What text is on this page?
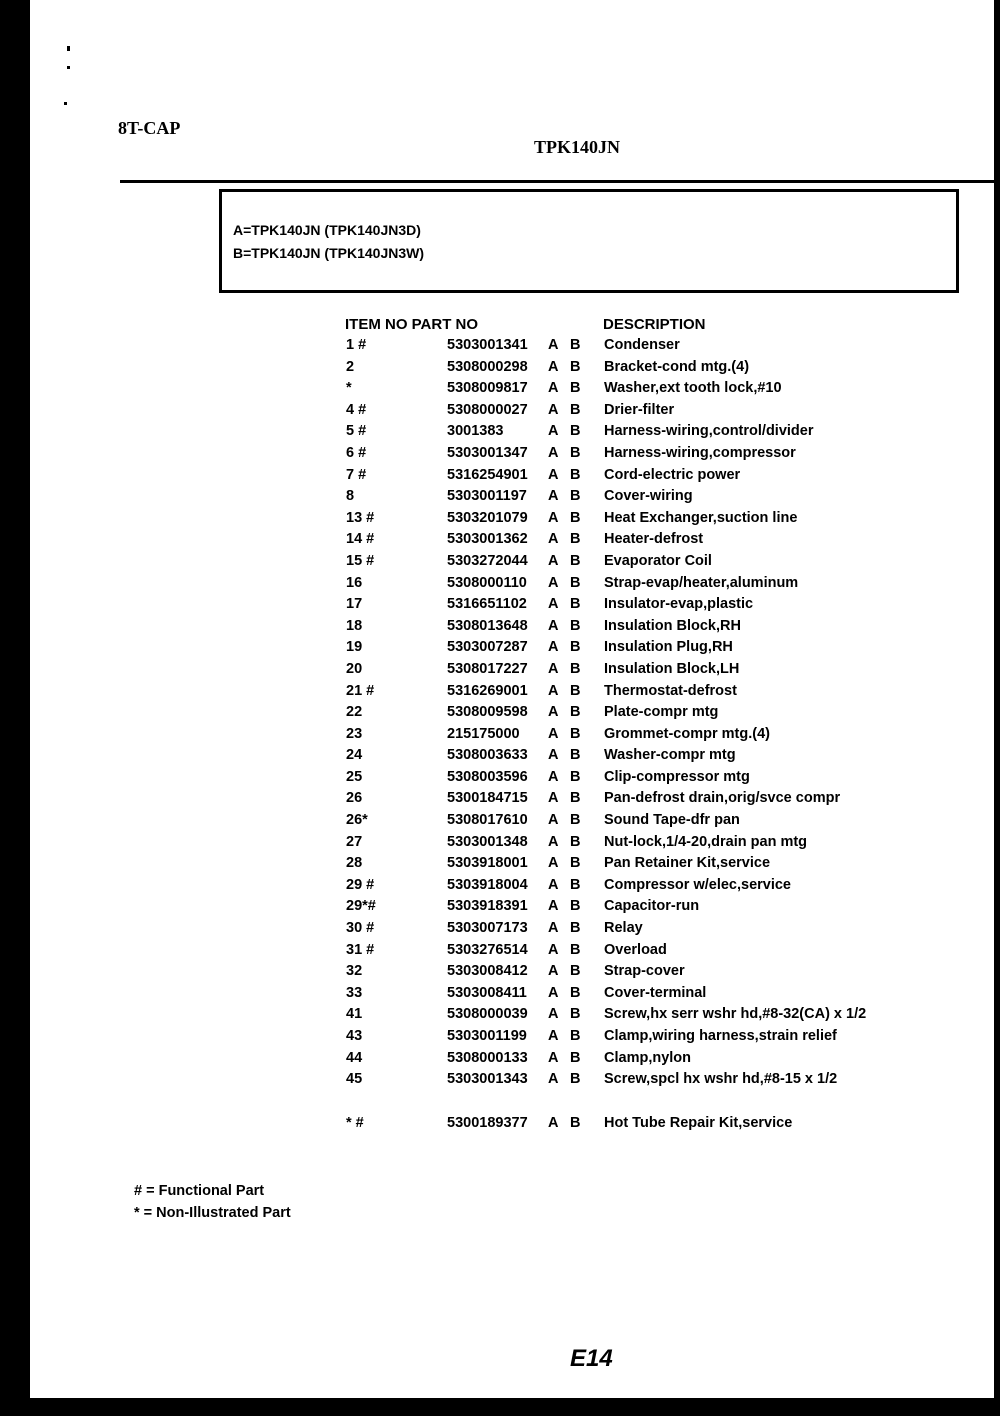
8T-CAP
TPK140JN
A=TPK140JN (TPK140JN3D)
B=TPK140JN (TPK140JN3W)
ITEM NO PART NO	DESCRIPTION
1 #	5303001341 A B Condenser
2	5308000298 A B Bracket-cond mtg.(4)
*	5308009817 A B Washer,ext tooth lock,#10
4 #	5308000027 A B Drier-filter
5 #	3001383	A B Harness-wiring,control/divider
6 #	5303001347 A B Harness-wiring,compressor
7 #	5316254901 A B Cord-electric power
8	5303001197 A B Cover-wiring
13 #	5303201079 A B Heat Exchanger,suction line
14 #	5303001362 A B Heater-defrost
15 #	5303272044 A B Evaporator Coil
16	5308000110 A B Strap-evap/heater,aluminum
17	5316651102 A B Insulator-evap,plastic
18	5308013648 A B Insulation Block,RH
19	5303007287 A B Insulation Plug,RH
20	5308017227 A B Insulation Block,LH
21 #	5316269001 A B Thermostat-defrost
22	5308009598 A B Plate-compr mtg
23	215175000 A B Grommet-compr mtg.(4)
24	5308003633 A B Washer-compr mtg
25	5308003596 A B Clip-compressor mtg
26	5300184715 A B Pan-defrost drain,orig/svce compr
26*	5308017610 A B Sound Tape-dfr pan
27	5303001348 A B Nut-lock,1/4-20,drain pan mtg
28	5303918001 A B Pan Retainer Kit,service
29 #	5303918004 A B Compressor w/elec,service
29*#	5303918391 A B Capacitor-run
30 #	5303007173 A B Relay
31 #	5303276514 A B Overload
32	5303008412 A B Strap-cover
33	5303008411 A B Cover-terminal
41	5308000039 A B Screw,hx serr wshr hd,#8-32(CA) x 1/2
43	5303001199 A B Clamp,wiring harness,strain relief
44	5308000133 A B Clamp,nylon
45	5303001343 A B Screw,spcl hx wshr hd,#8-15 x 1/2
* #	5300189377 A B Hot Tube Repair Kit,service
# = Functional Part
* = Non-Illustrated Part
E14
